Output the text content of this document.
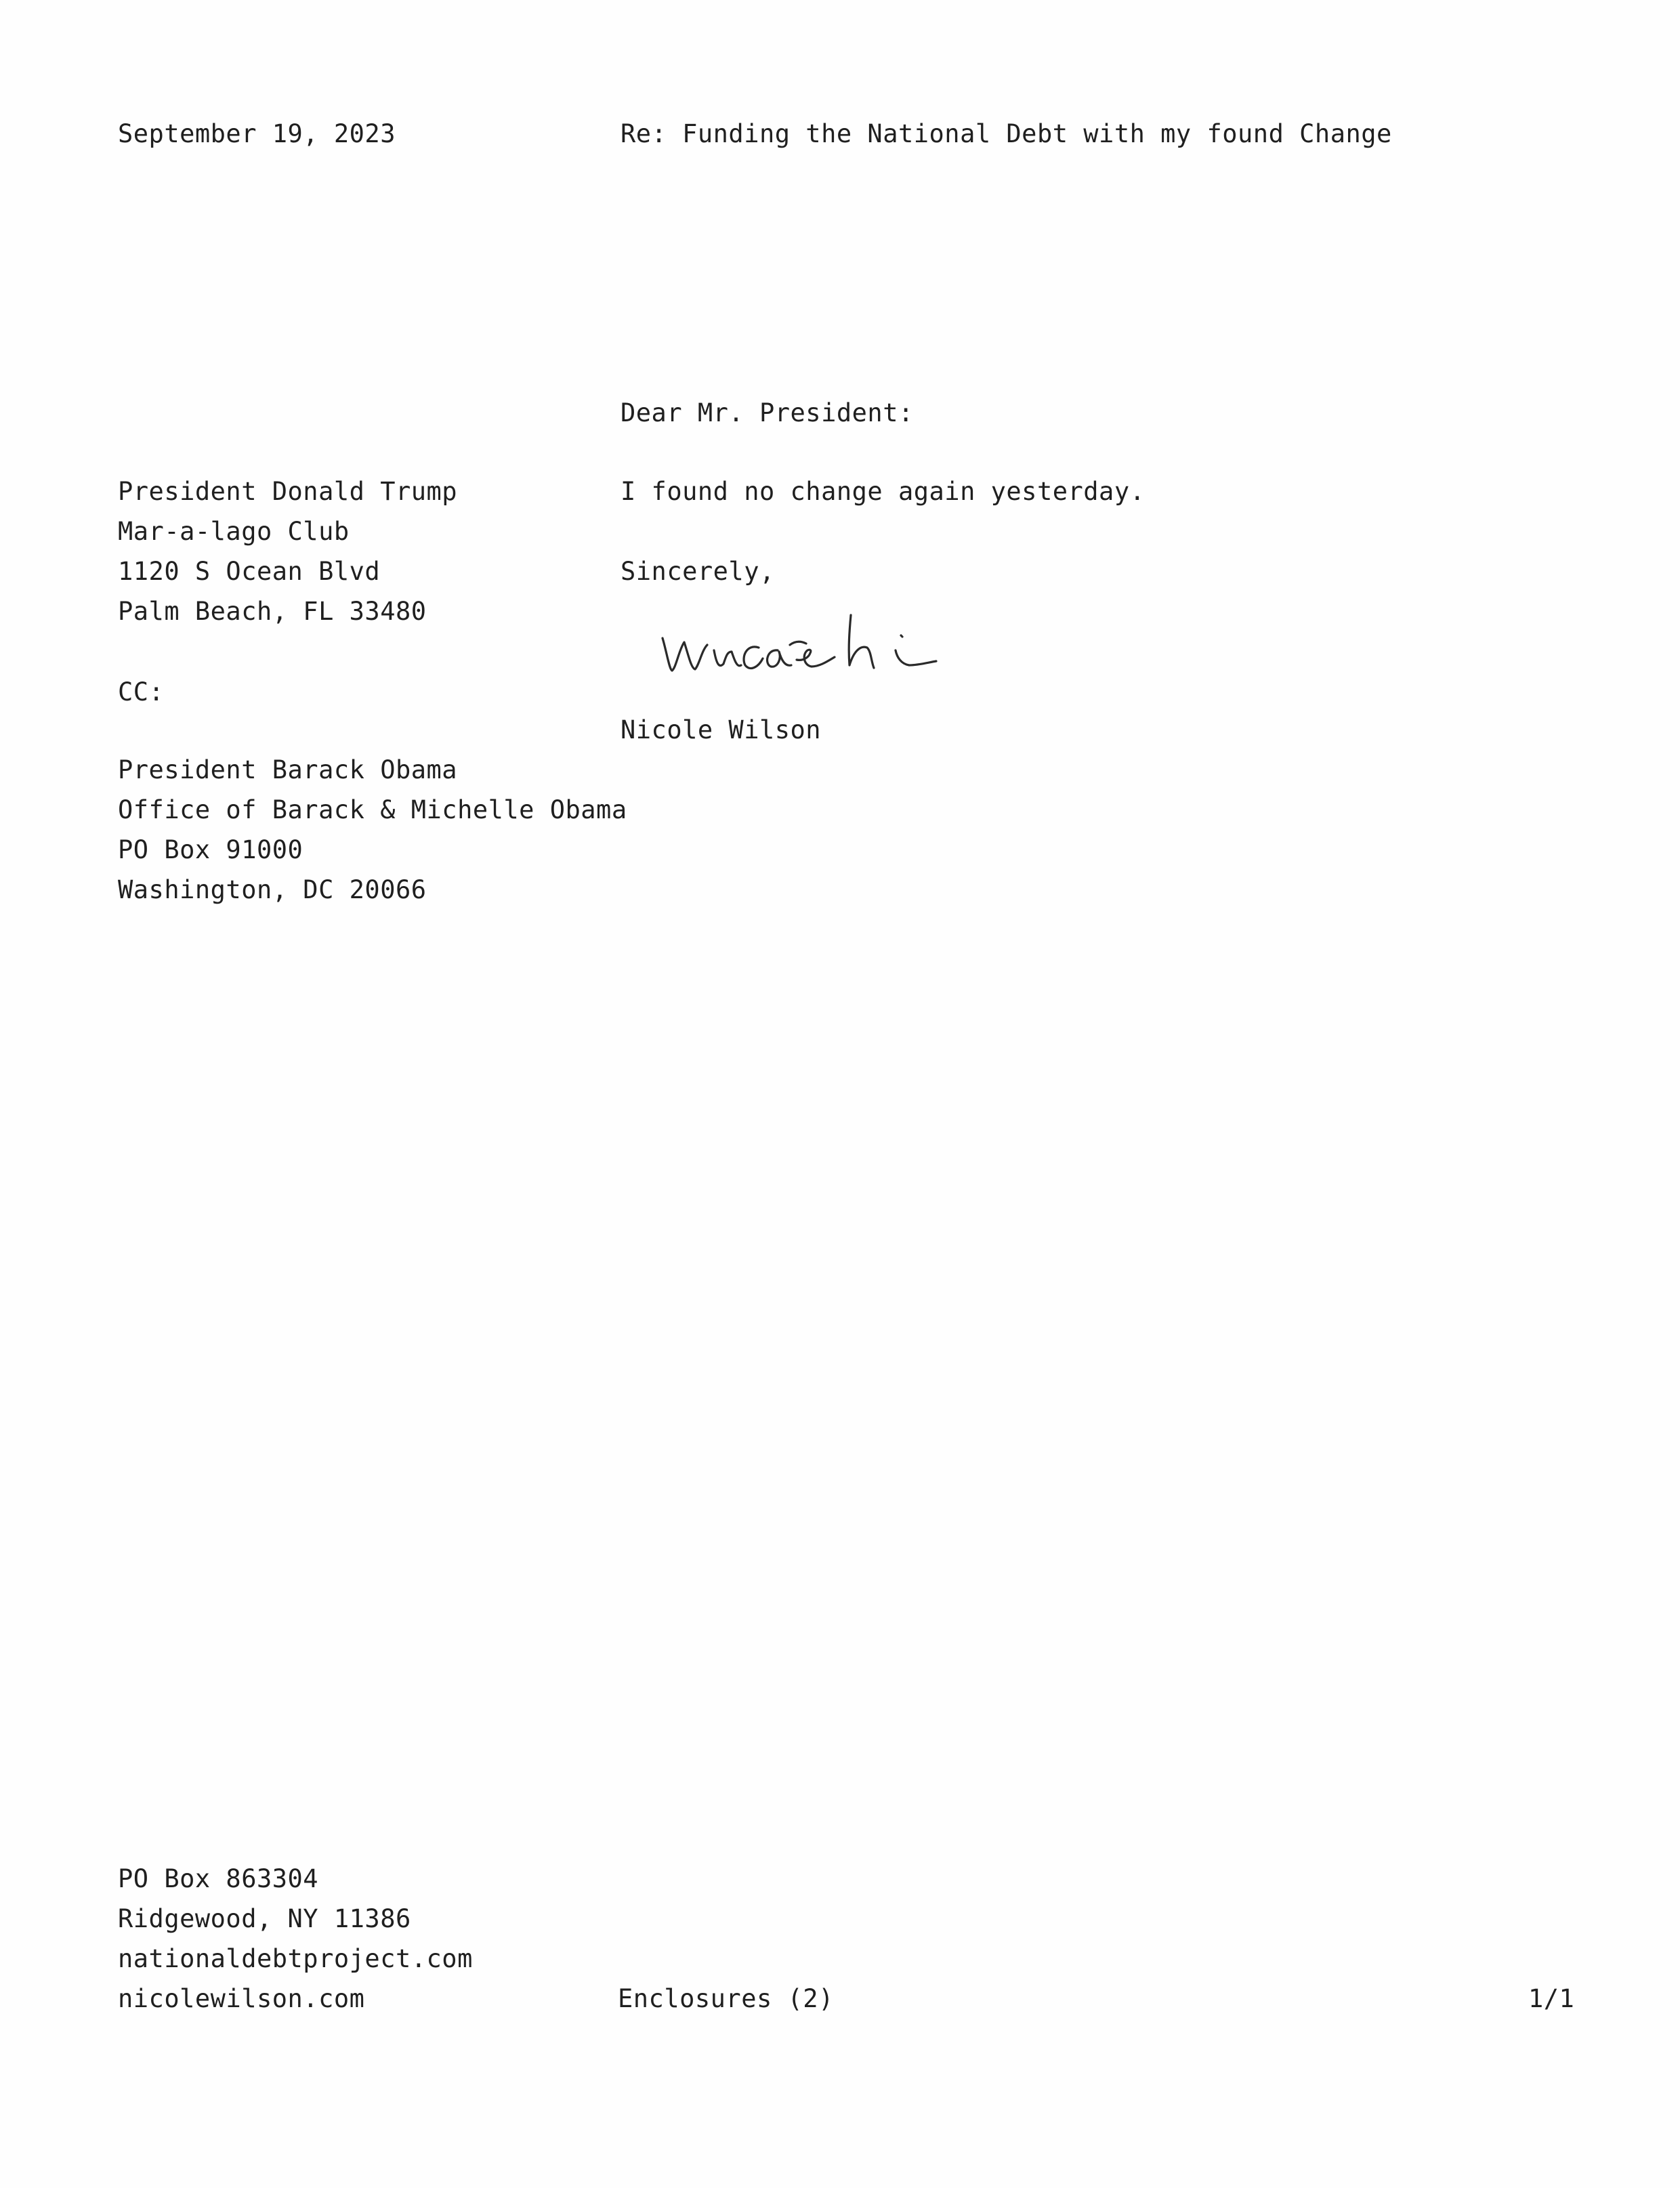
September 19, 2023	Re: Funding the National Debt with my found Change
Dear Mr. President:
I found no change again yesterday.
Sincerely,
Nicole Wilson
President Donald Trump
Mar-a-lago Club
1120 S Ocean Blvd
Palm Beach, FL 33480
CC:
President Barack Obama
Office of Barack & Michelle Obama
PO Box 91000
Washington, DC 20066
PO Box 863304
Ridgewood, NY 11386
nationaldebtproject.com
nicolewilson.com	Enclosures (2)	1/1
